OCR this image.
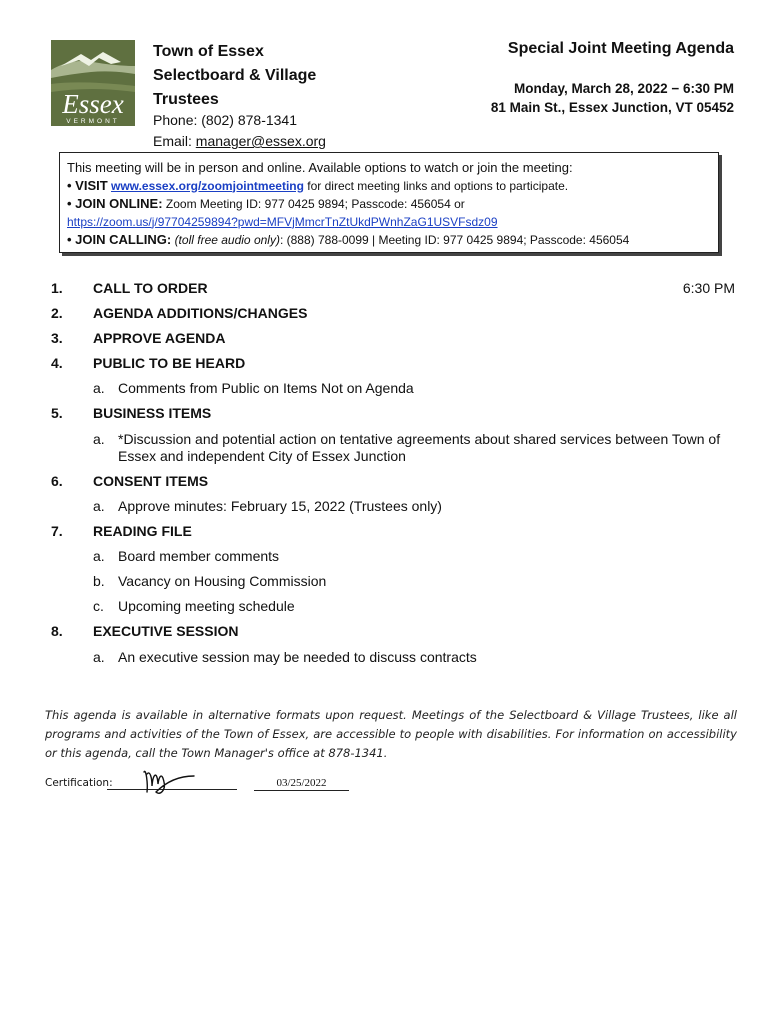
Essex
VERMONT
Town of Essex
Selectboard & Village
Trustees
Phone: (802) 878-1341
Email: manager@essex.org
Special Joint Meeting Agenda
Monday, March 28, 2022 − 6:30 PM
81 Main St., Essex Junction, VT 05452
This meeting will be in person and online. Available options to watch or join the meeting:
• VISIT www.essex.org/zoomjointmeeting for direct meeting links and options to participate.
• JOIN ONLINE: Zoom Meeting ID: 977 0425 9894; Passcode: 456054 or
https://zoom.us/j/97704259894?pwd=MFVjMmcrTnZtUkdPWnhZaG1USVFsdz09
• JOIN CALLING: (toll free audio only): (888) 788-0099 | Meeting ID: 977 0425 9894; Passcode: 456054
1. CALL TO ORDER	6:30 PM
2. AGENDA ADDITIONS/CHANGES
3. APPROVE AGENDA
4. PUBLIC TO BE HEARD
a. Comments from Public on Items Not on Agenda
5. BUSINESS ITEMS
a. *Discussion and potential action on tentative agreements about shared services between Town of Essex and independent City of Essex Junction
6. CONSENT ITEMS
a. Approve minutes: February 15, 2022 (Trustees only)
7. READING FILE
a. Board member comments
b. Vacancy on Housing Commission
c. Upcoming meeting schedule
8. EXECUTIVE SESSION
a. An executive session may be needed to discuss contracts
This agenda is available in alternative formats upon request. Meetings of the Selectboard & Village Trustees, like all programs and activities of the Town of Essex, are accessible to people with disabilities. For information on accessibility or this agenda, call the Town Manager's office at 878-1341.
Certification:	03/25/2022
